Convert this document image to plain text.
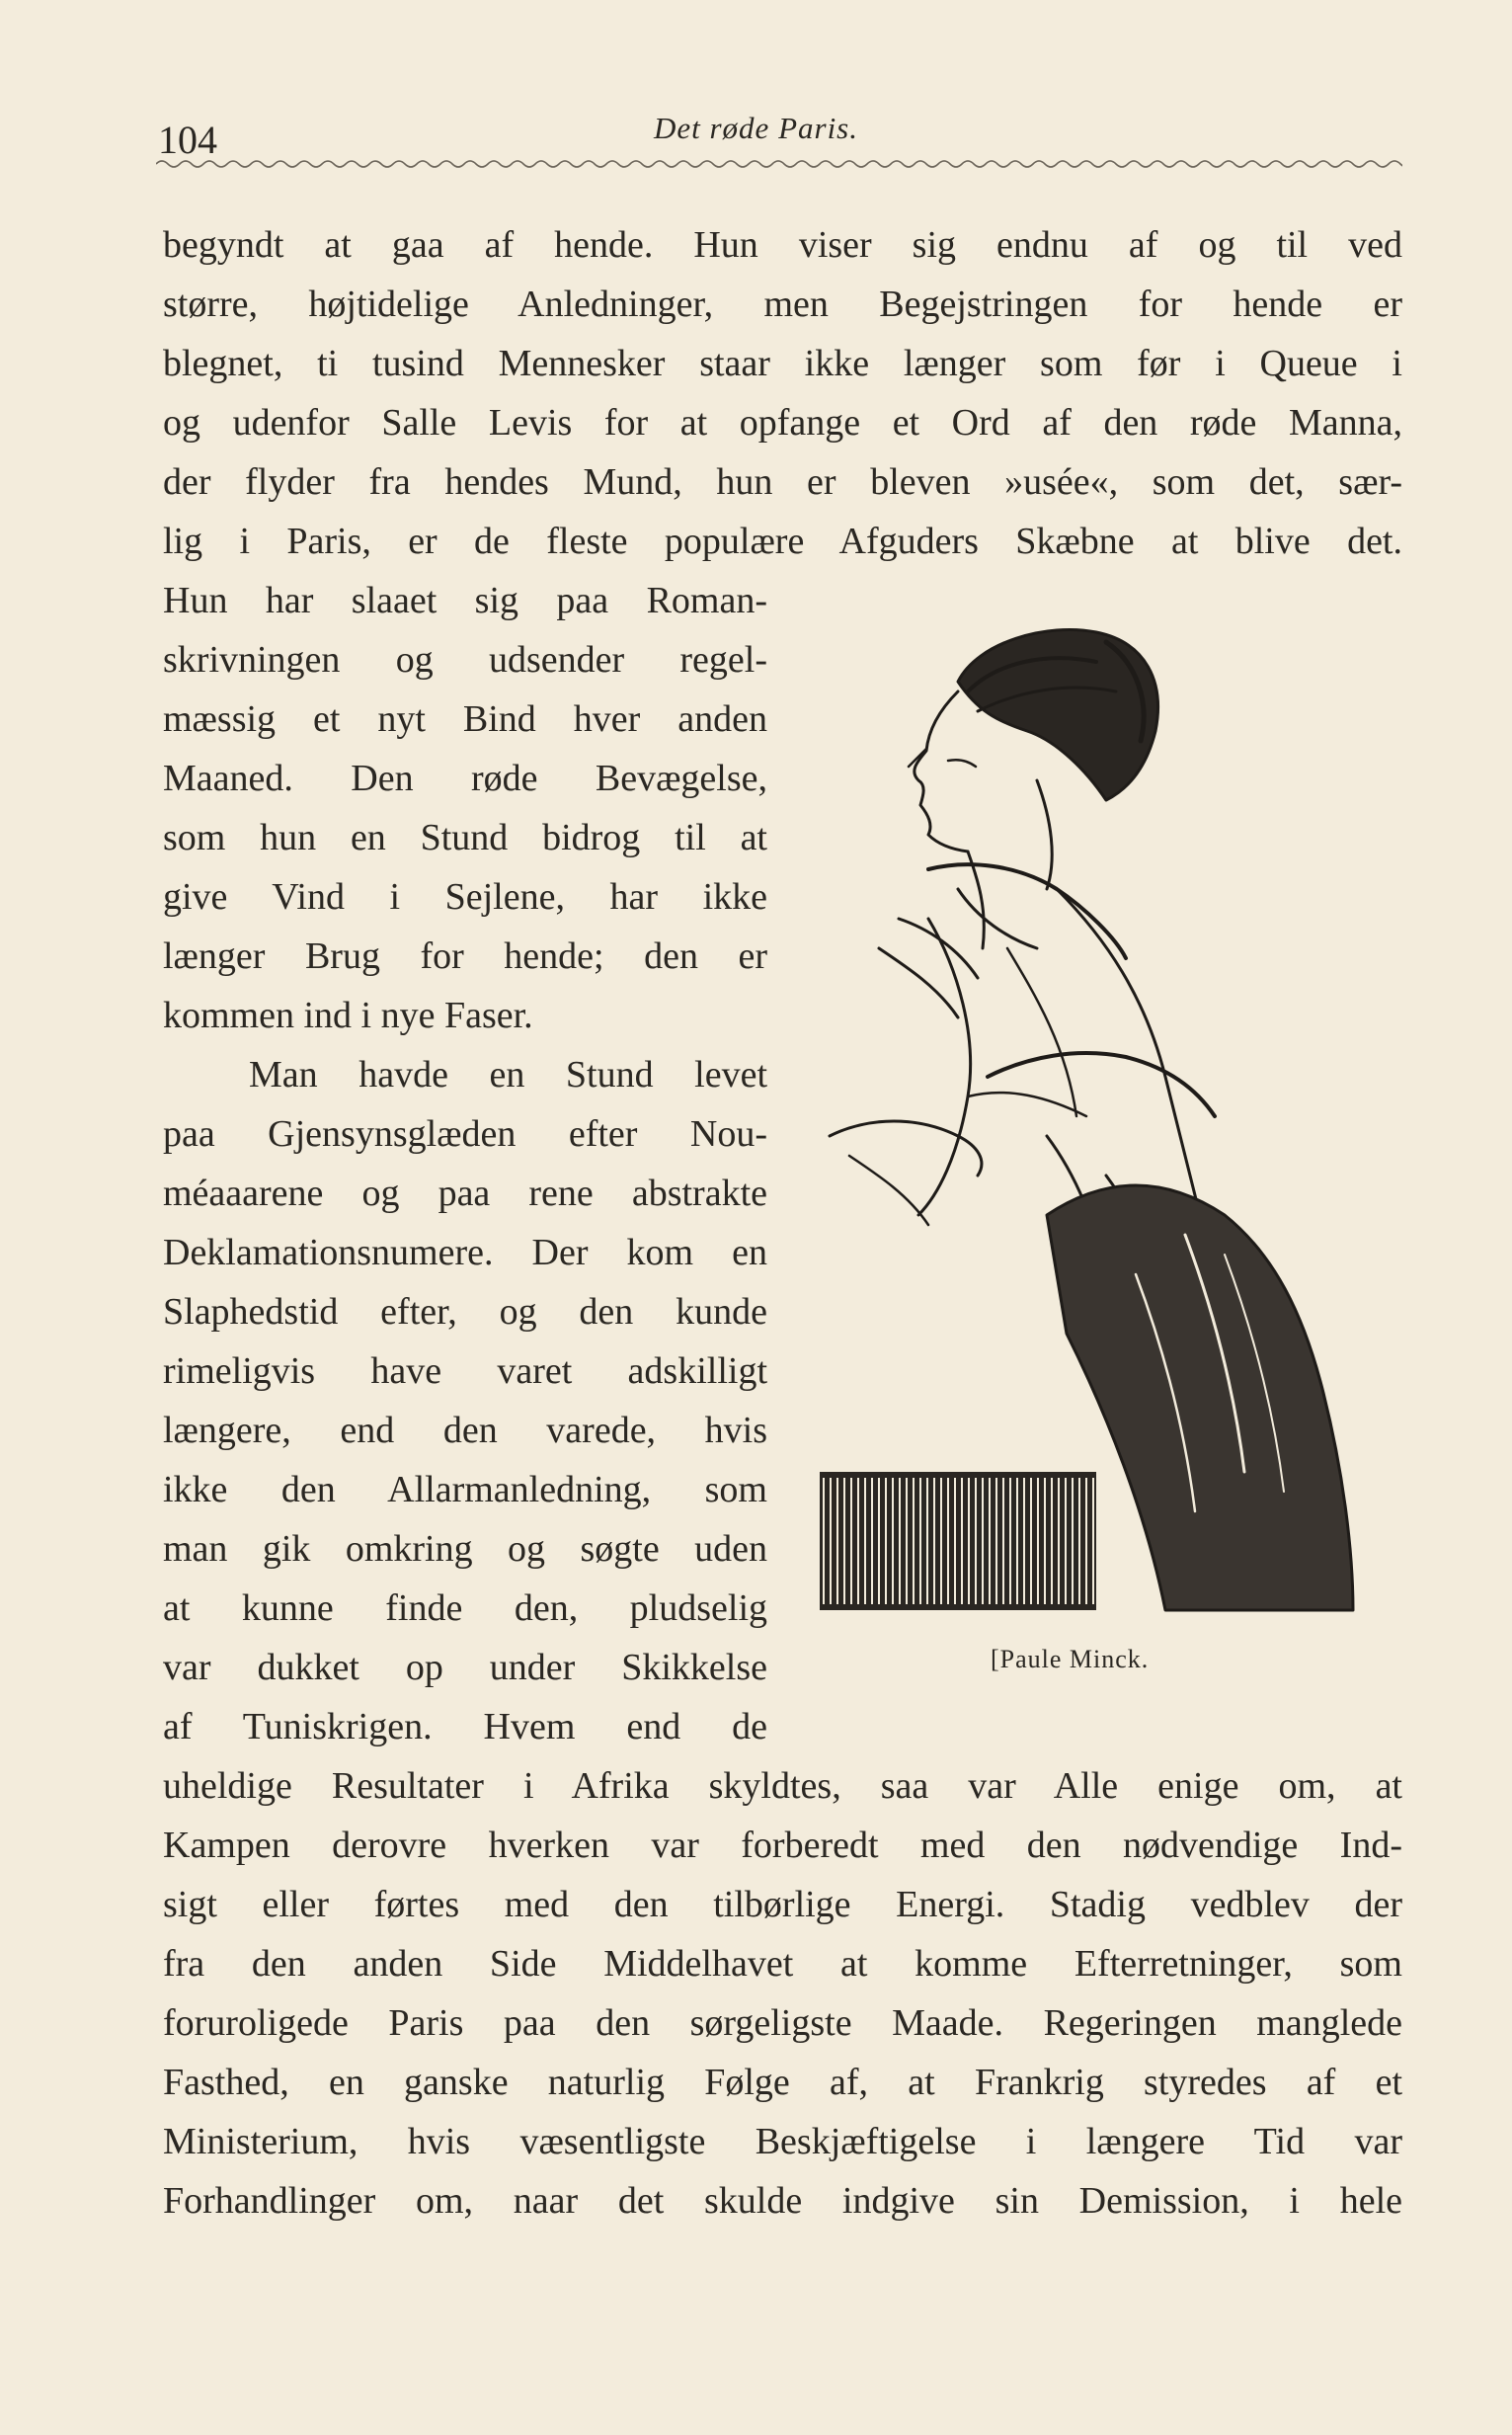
104	Det røde Paris.
begyndt at gaa af hende. Hun viser sig endnu af og til ved
større, højtidelige Anledninger, men Begejstringen for hende er
blegnet, ti tusind Mennesker staar ikke længer som før i Queue i
og udenfor Salle Levis for at opfange et Ord af den røde Manna,
der flyder fra hendes Mund, hun er bleven »usée«, som det, sær-
lig i Paris, er de fleste populære Afguders Skæbne at blive det.
Hun har slaaet sig paa Roman-
skrivningen og udsender regel-
mæssig et nyt Bind hver anden
Maaned. Den røde Bevægelse,
som hun en Stund bidrog til at
give Vind i Sejlene, har ikke
længer Brug for hende; den er
kommen ind i nye Faser.
Man havde en Stund levet
paa Gjensynsglæden efter Nou-
méaaarene og paa rene abstrakte
Deklamationsnumere. Der kom en
Slaphedstid efter, og den kunde
rimeligvis have varet adskilligt
længere, end den varede, hvis
ikke den Allarmanledning, som
man gik omkring og søgte uden
at kunne finde den, pludselig
var dukket op under Skikkelse
af Tuniskrigen. Hvem end de
uheldige Resultater i Afrika skyldtes, saa var Alle enige om, at
Kampen derovre hverken var forberedt med den nødvendige Ind-
sigt eller førtes med den tilbørlige Energi. Stadig vedblev der
fra den anden Side Middelhavet at komme Efterretninger, som
foruroligede Paris paa den sørgeligste Maade. Regeringen manglede
Fasthed, en ganske naturlig Følge af, at Frankrig styredes af et
Ministerium, hvis væsentligste Beskjæftigelse i længere Tid var
Forhandlinger om, naar det skulde indgive sin Demission, i hele
[Paule Minck.
